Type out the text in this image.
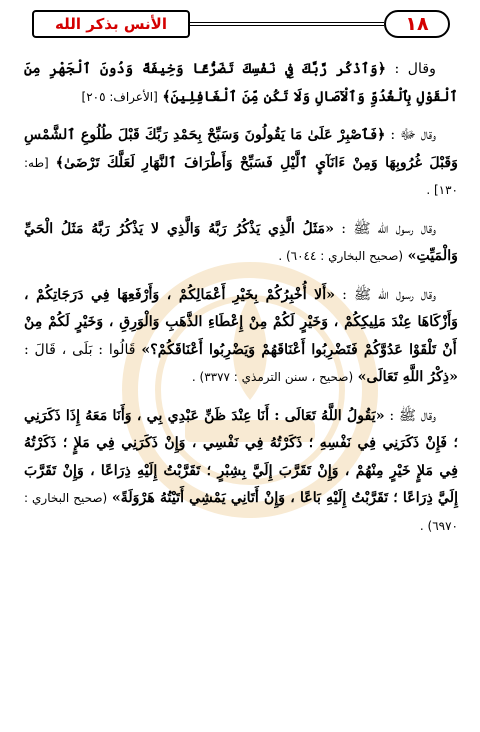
الأنس بذكر الله	١٨

وقال : ﴿وَٱذْكُر رَّبَّكَ فِي نَفْسِكَ تَضَرُّعًا وَخِيفَةً وَدُونَ ٱلْجَهْرِ مِنَ ٱلْقَوْلِ بِٱلْغُدُوِّ وَٱلْآصَالِ وَلَا تَكُن مِّنَ ٱلْغَافِلِينَ﴾ [الأعراف: ٢٠٥]

وقال ﷻ : ﴿فَٱصْبِرْ عَلَىٰ مَا يَقُولُونَ وَسَبِّحْ بِحَمْدِ رَبِّكَ قَبْلَ طُلُوعِ ٱلشَّمْسِ وَقَبْلَ غُرُوبِهَا وَمِنْ ءَانَآيِٕ ٱلَّيْلِ فَسَبِّحْ وَأَطْرَافَ ٱلنَّهَارِ لَعَلَّكَ تَرْضَىٰ﴾ [طه: ١٣٠] .

وقال رسول الله ﷺ : «مَثَلُ الَّذِي يَذْكُرُ رَبَّهُ وَالَّذِي لا يَذْكُرُ رَبَّهُ مَثَلُ الْحَيِّ وَالْمَيِّتِ» (صحيح البخاري : ٦٠٤٤) .

وقال رسول الله ﷺ : «أَلا أُخْبِرُكُمْ بِخَيْرِ أَعْمَالِكُمْ ، وَأَرْفَعِهَا فِي دَرَجَاتِكُمْ ، وَأَزْكَاهَا عِنْدَ مَلِيكِكُمْ ، وَخَيْرٍ لَكُمْ مِنْ إِعْطَاءِ الذَّهَبِ وَالْوَرِقِ ، وَخَيْرٍ لَكُمْ مِنْ أَنْ تَلْقَوْا عَدُوَّكُمْ فَتَضْرِبُوا أَعْنَاقَهُمْ وَيَضْرِبُوا أَعْنَاقَكُمْ؟» قَالُوا : بَلَى ، قَالَ : «ذِكْرُ اللَّهِ تَعَالَى» (صحيح ، سنن الترمذي : ٣٣٧٧) .

وقال ﷺ : «يَقُولُ اللَّهُ تَعَالَى : أَنَا عِنْدَ ظَنِّ عَبْدِي بِي ، وَأَنَا مَعَهُ إِذَا ذَكَرَنِي ؛ فَإِنْ ذَكَرَنِي فِي نَفْسِهِ ؛ ذَكَرْتُهُ فِي نَفْسِي ، وَإِنْ ذَكَرَنِي فِي مَلإٍ ؛ ذَكَرْتُهُ فِي مَلإٍ خَيْرٍ مِنْهُمْ ، وَإِنْ تَقَرَّبَ إِلَيَّ بِشِبْرٍ ؛ تَقَرَّبْتُ إِلَيْهِ ذِرَاعًا ، وَإِنْ تَقَرَّبَ إِلَيَّ ذِرَاعًا ؛ تَقَرَّبْتُ إِلَيْهِ بَاعًا ، وَإِنْ أَتَانِي يَمْشِي أَتَيْتُهُ هَرْوَلَةً» (صحيح البخاري : ٦٩٧٠) .
